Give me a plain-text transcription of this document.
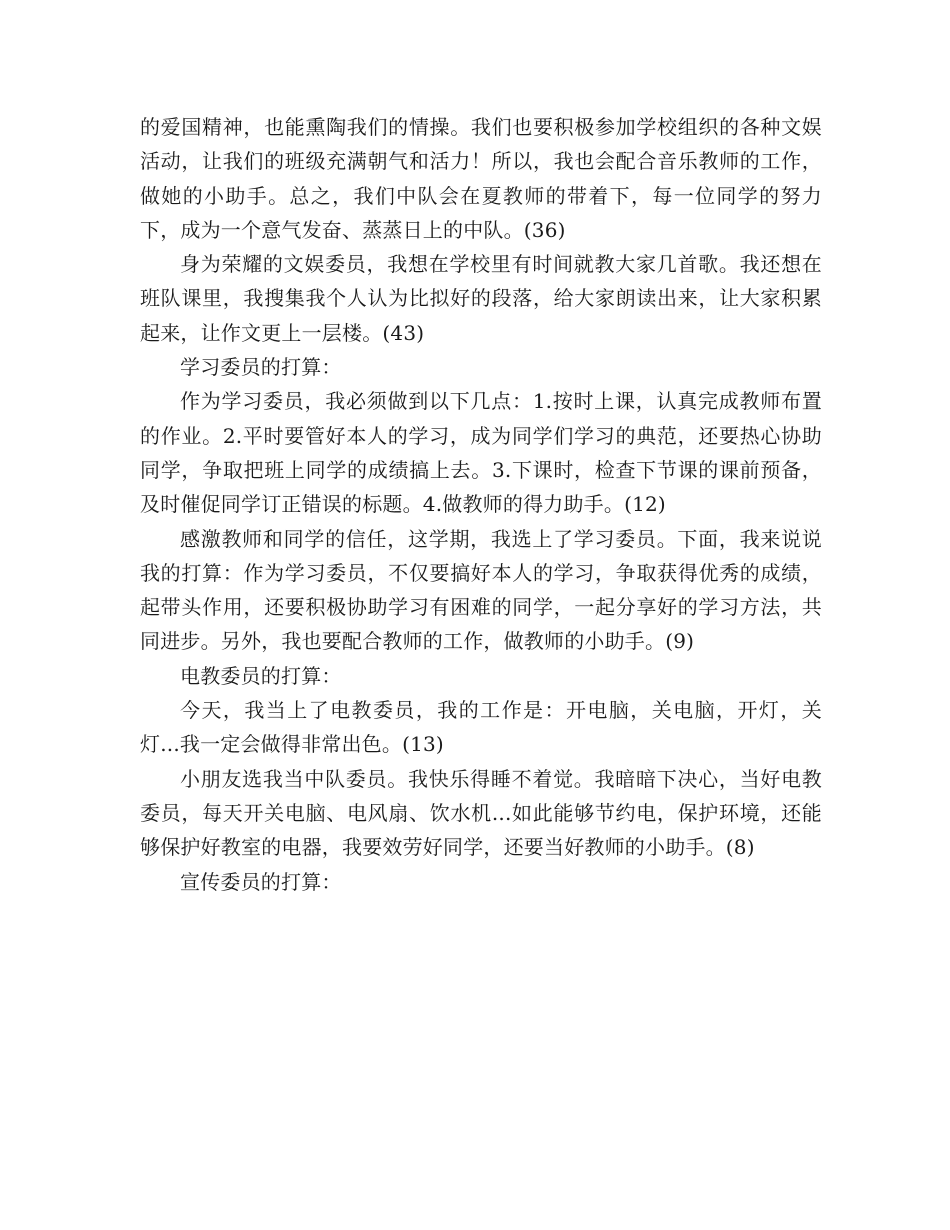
的爱国精神，也能熏陶我们的情操。我们也要积极参加学校组织的各种文娱活动，让我们的班级充满朝气和活力！所以，我也会配合音乐教师的工作，做她的小助手。总之，我们中队会在夏教师的带着下，每一位同学的努力下，成为一个意气发奋、蒸蒸日上的中队。(36)

身为荣耀的文娱委员，我想在学校里有时间就教大家几首歌。我还想在班队课里，我搜集我个人认为比拟好的段落，给大家朗读出来，让大家积累起来，让作文更上一层楼。(43)

学习委员的打算：

作为学习委员，我必须做到以下几点：1.按时上课，认真完成教师布置的作业。2.平时要管好本人的学习，成为同学们学习的典范，还要热心协助同学，争取把班上同学的成绩搞上去。3.下课时，检查下节课的课前预备，及时催促同学订正错误的标题。4.做教师的得力助手。(12)

感激教师和同学的信任，这学期，我选上了学习委员。下面，我来说说我的打算：作为学习委员，不仅要搞好本人的学习，争取获得优秀的成绩，起带头作用，还要积极协助学习有困难的同学，一起分享好的学习方法，共同进步。另外，我也要配合教师的工作，做教师的小助手。(9)

电教委员的打算：

今天，我当上了电教委员，我的工作是：开电脑，关电脑，开灯，关灯...我一定会做得非常出色。(13)

小朋友选我当中队委员。我快乐得睡不着觉。我暗暗下决心，当好电教委员，每天开关电脑、电风扇、饮水机...如此能够节约电，保护环境，还能够保护好教室的电器，我要效劳好同学，还要当好教师的小助手。(8)

宣传委员的打算：
